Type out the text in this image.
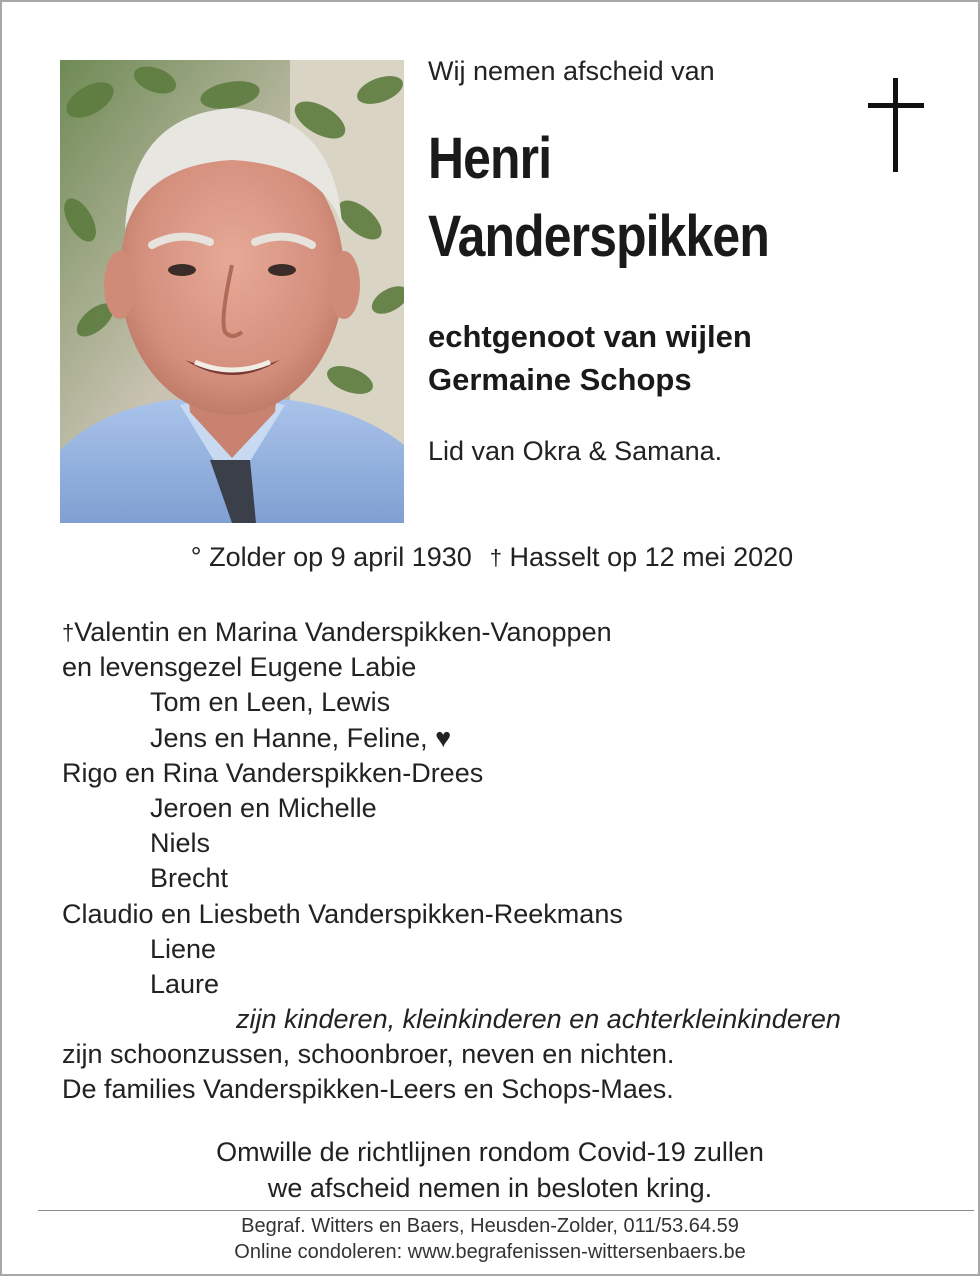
Wij nemen afscheid van
Henri
Vanderspikken
echtgenoot van wijlen
Germaine Schops
Lid van Okra & Samana.
° Zolder op 9 april 1930 † Hasselt op 12 mei 2020
†Valentin en Marina Vanderspikken-Vanoppen
en levensgezel Eugene Labie
Tom en Leen, Lewis
Jens en Hanne, Feline, ♥
Rigo en Rina Vanderspikken-Drees
Jeroen en Michelle
Niels
Brecht
Claudio en Liesbeth Vanderspikken-Reekmans
Liene
Laure
zijn kinderen, kleinkinderen en achterkleinkinderen
zijn schoonzussen, schoonbroer, neven en nichten.
De families Vanderspikken-Leers en Schops-Maes.
Omwille de richtlijnen rondom Covid-19 zullen
we afscheid nemen in besloten kring.
Begraf. Witters en Baers, Heusden-Zolder, 011/53.64.59
Online condoleren: www.begrafenissen-wittersenbaers.be
